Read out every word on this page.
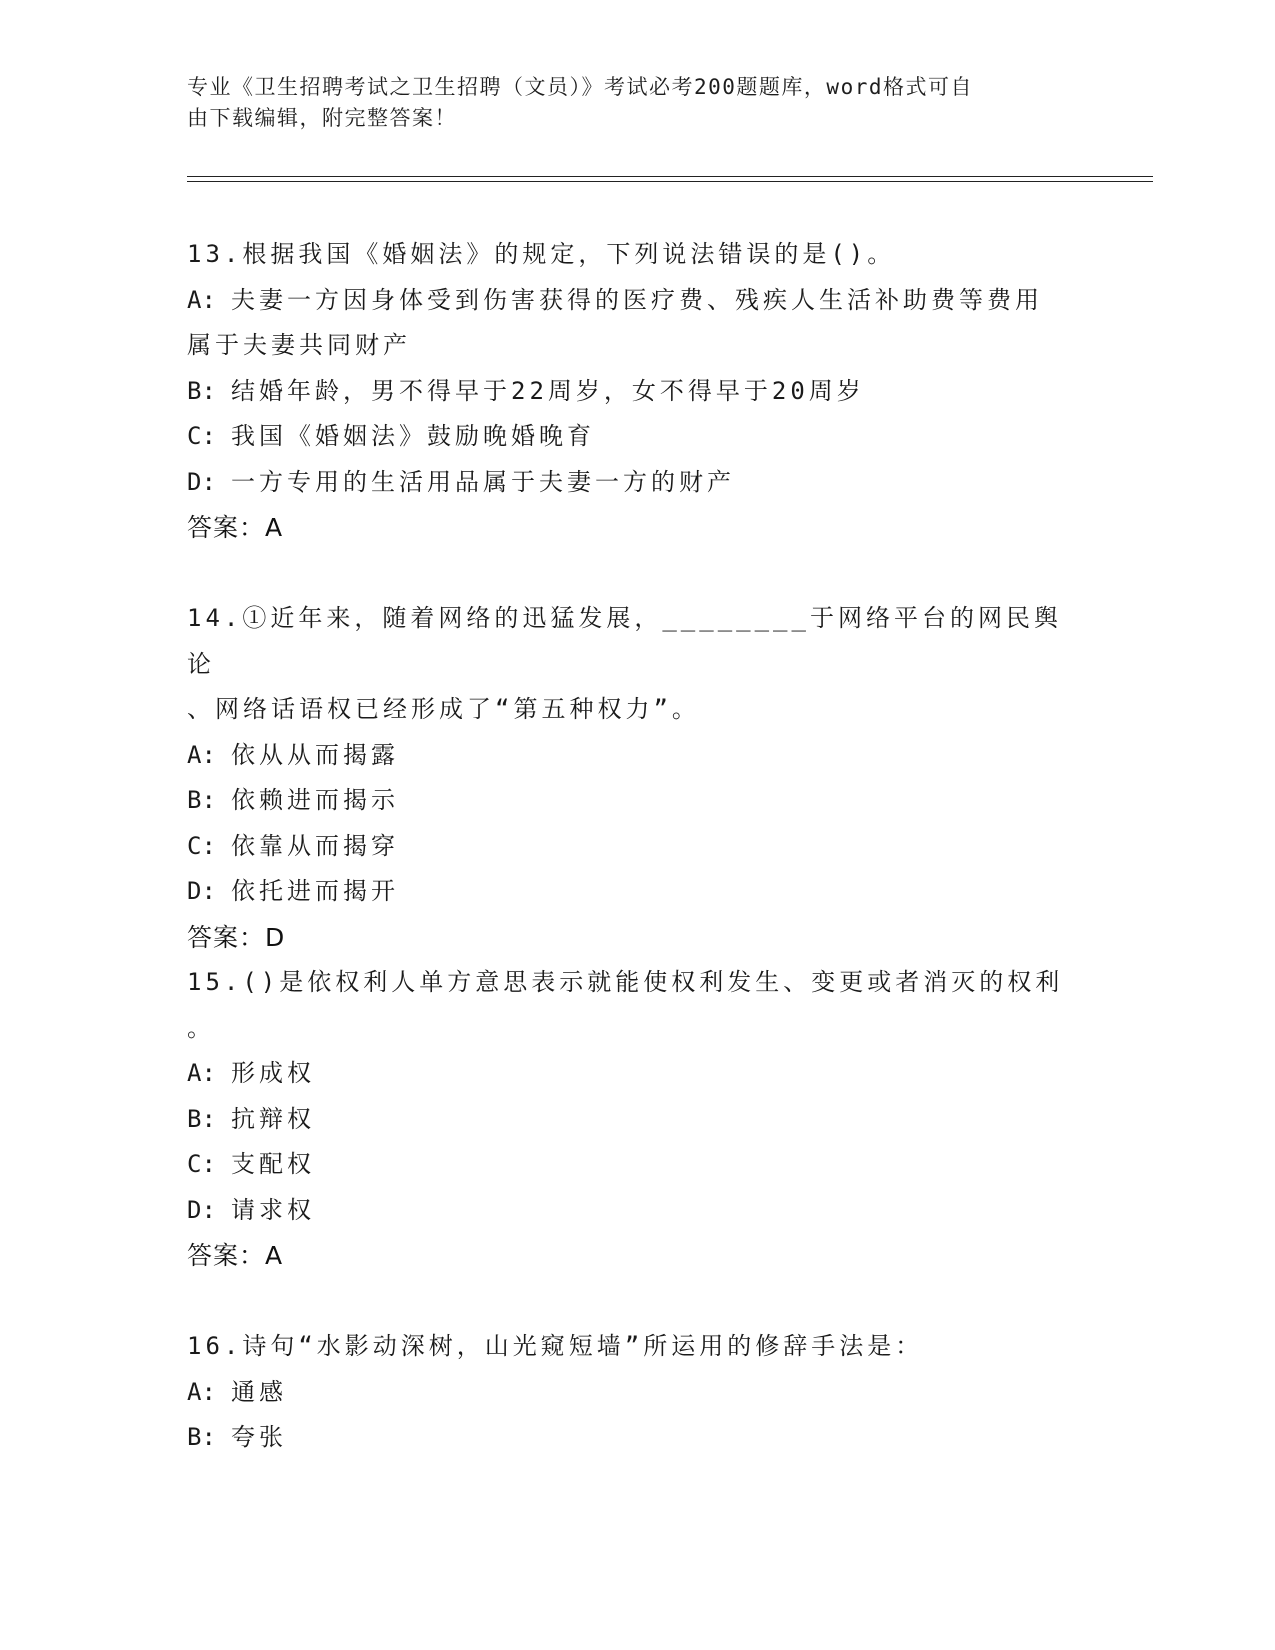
专业《卫生招聘考试之卫生招聘（文员）》考试必考200题题库，word格式可自
由下载编辑，附完整答案！
13.根据我国《婚姻法》的规定，下列说法错误的是()。
A: 夫妻一方因身体受到伤害获得的医疗费、残疾人生活补助费等费用
属于夫妻共同财产
B: 结婚年龄，男不得早于22周岁，女不得早于20周岁
C: 我国《婚姻法》鼓励晚婚晚育
D: 一方专用的生活用品属于夫妻一方的财产
答案：A
14.①近年来，随着网络的迅猛发展，________于网络平台的网民舆论
、网络话语权已经形成了“第五种权力”。
A: 依从从而揭露
B: 依赖进而揭示
C: 依靠从而揭穿
D: 依托进而揭开
答案：D
15.()是依权利人单方意思表示就能使权利发生、变更或者消灭的权利
。
A: 形成权
B: 抗辩权
C: 支配权
D: 请求权
答案：A
16.诗句“水影动深树，山光窥短墙”所运用的修辞手法是：
A: 通感
B: 夸张
